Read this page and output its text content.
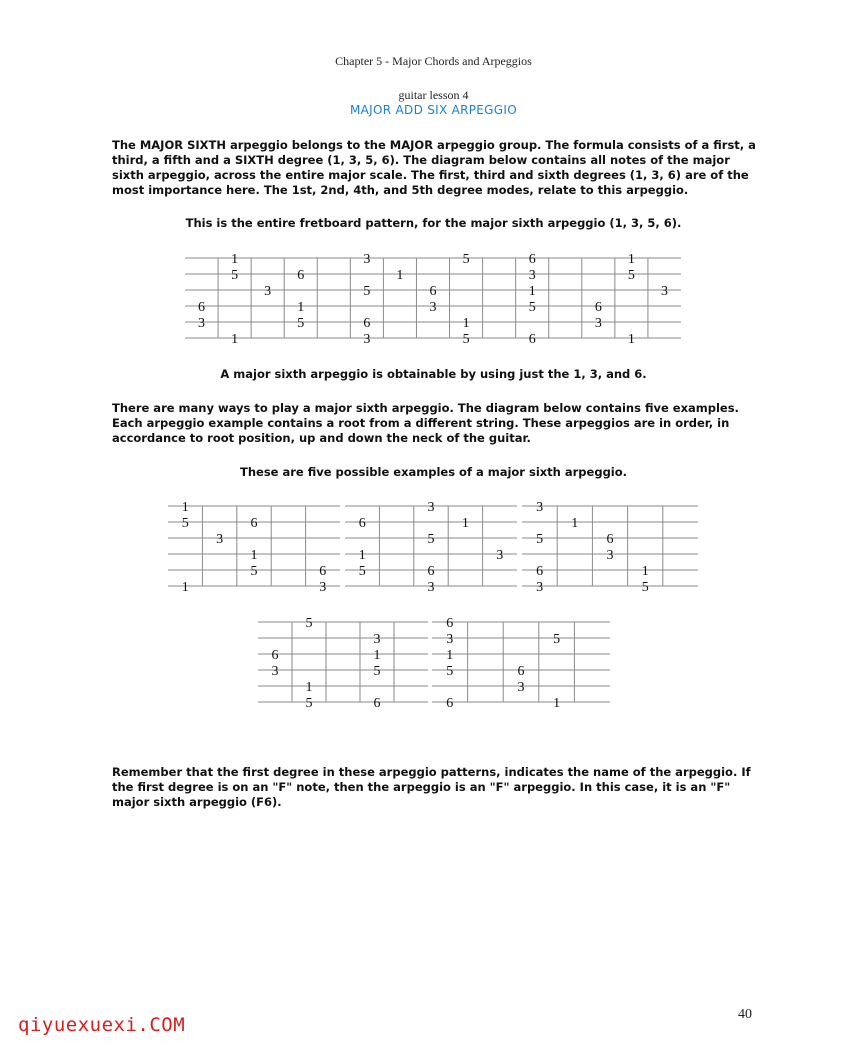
Chapter 5 - Major Chords and Arpeggios
guitar lesson 4
MAJOR ADD SIX ARPEGGIO
The MAJOR SIXTH arpeggio belongs to the MAJOR arpeggio group. The formula consists of a first, a third, a fifth and a SIXTH degree (1, 3, 5, 6). The diagram below contains all notes of the major sixth arpeggio, across the entire major scale. The first, third and sixth degrees (1, 3, 6) are of the most importance here. The 1st, 2nd, 4th, and 5th degree modes, relate to this arpeggio.
This is the entire fretboard pattern, for the major sixth arpeggio (1, 3, 5, 6).
1	3	5	6	1
5	6	1	3	5
3	5	6	1	3
6	1	3	5	6
3	5	6	1	3
1	3	5	6	1
A major sixth arpeggio is obtainable by using just the 1, 3, and 6.
There are many ways to play a major sixth arpeggio. The diagram below contains five examples. Each arpeggio example contains a root from a different string. These arpeggios are in order, in accordance to root position, up and down the neck of the guitar.
These are five possible examples of a major sixth arpeggio.
1
5	6
3
1
5	6
1	3
3
6	1
5
1	3
5	6
3
3
1
5	6
3
6	1
3	5
5
3
6	1
3	5
1
5	6
6
3	5
1
5	6
3
6	1
Remember that the first degree in these arpeggio patterns, indicates the name of the arpeggio. If the first degree is on an "F" note, then the arpeggio is an "F" arpeggio. In this case, it is an "F" major sixth arpeggio (F6).
40
qiyuexuexi.COM
